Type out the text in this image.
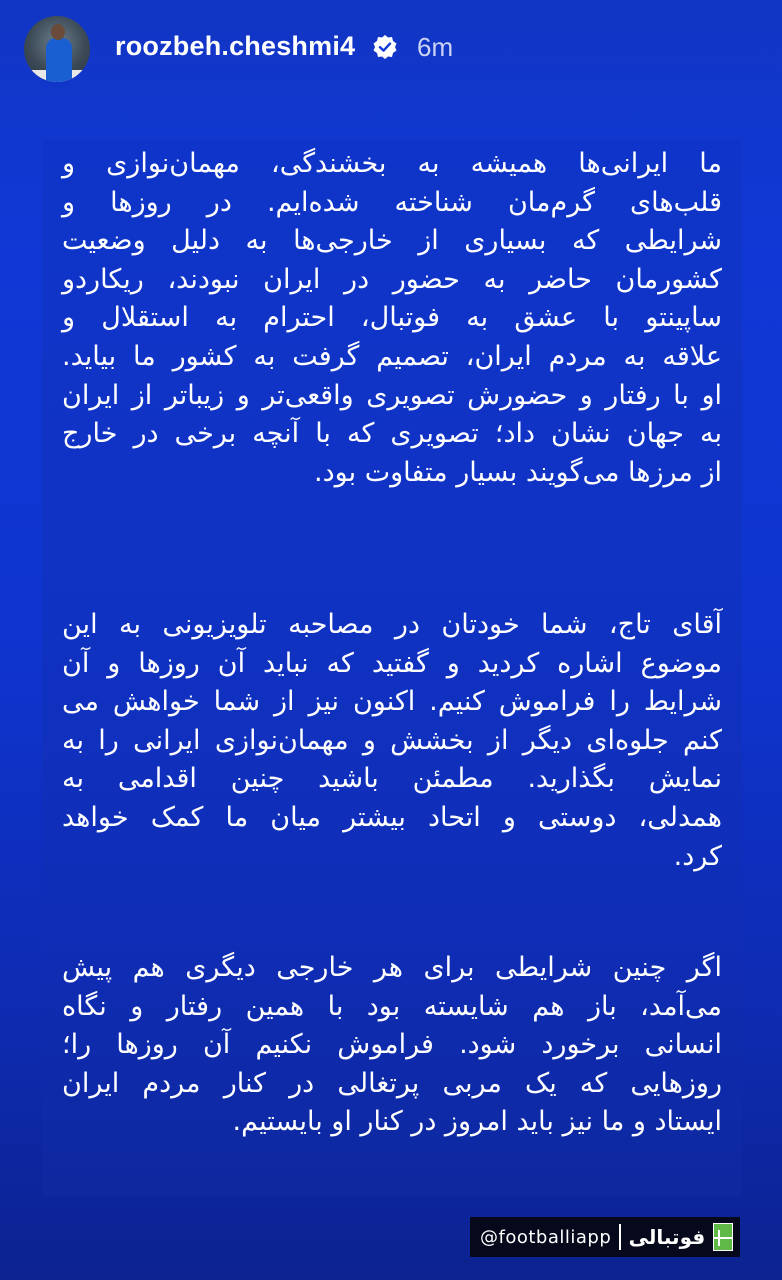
roozbeh.cheshmi4 6m
ما ایرانی‌ها همیشه به بخشندگی، مهمان‌نوازی و
قلب‌های گرم‌مان شناخته شده‌ایم. در روزها و
شرایطی که بسیاری از خارجی‌ها به دلیل وضعیت
کشورمان حاضر به حضور در ایران نبودند، ریکاردو
ساپینتو با عشق به فوتبال، احترام به استقلال و
علاقه به مردم ایران، تصمیم گرفت به کشور ما بیاید.
او با رفتار و حضورش تصویری واقعی‌تر و زیباتر از ایران
به جهان نشان داد؛ تصویری که با آنچه برخی در خارج
از مرزها می‌گویند بسیار متفاوت بود.
آقای تاج، شما خودتان در مصاحبه تلویزیونی به این
موضوع اشاره کردید و گفتید که نباید آن روزها و آن
شرایط را فراموش کنیم. اکنون نیز از شما خواهش می
کنم جلوه‌ای دیگر از بخشش و مهمان‌نوازی ایرانی را به
نمایش بگذارید. مطمئن باشید چنین اقدامی به
همدلی، دوستی و اتحاد بیشتر میان ما کمک خواهد
کرد.
اگر چنین شرایطی برای هر خارجی دیگری هم پیش
می‌آمد، باز هم شایسته بود با همین رفتار و نگاه
انسانی برخورد شود. فراموش نکنیم آن روزها را؛
روزهایی که یک مربی پرتغالی در کنار مردم ایران
ایستاد و ما نیز باید امروز در کنار او بایستیم.
@footballiapp فوتبالی
